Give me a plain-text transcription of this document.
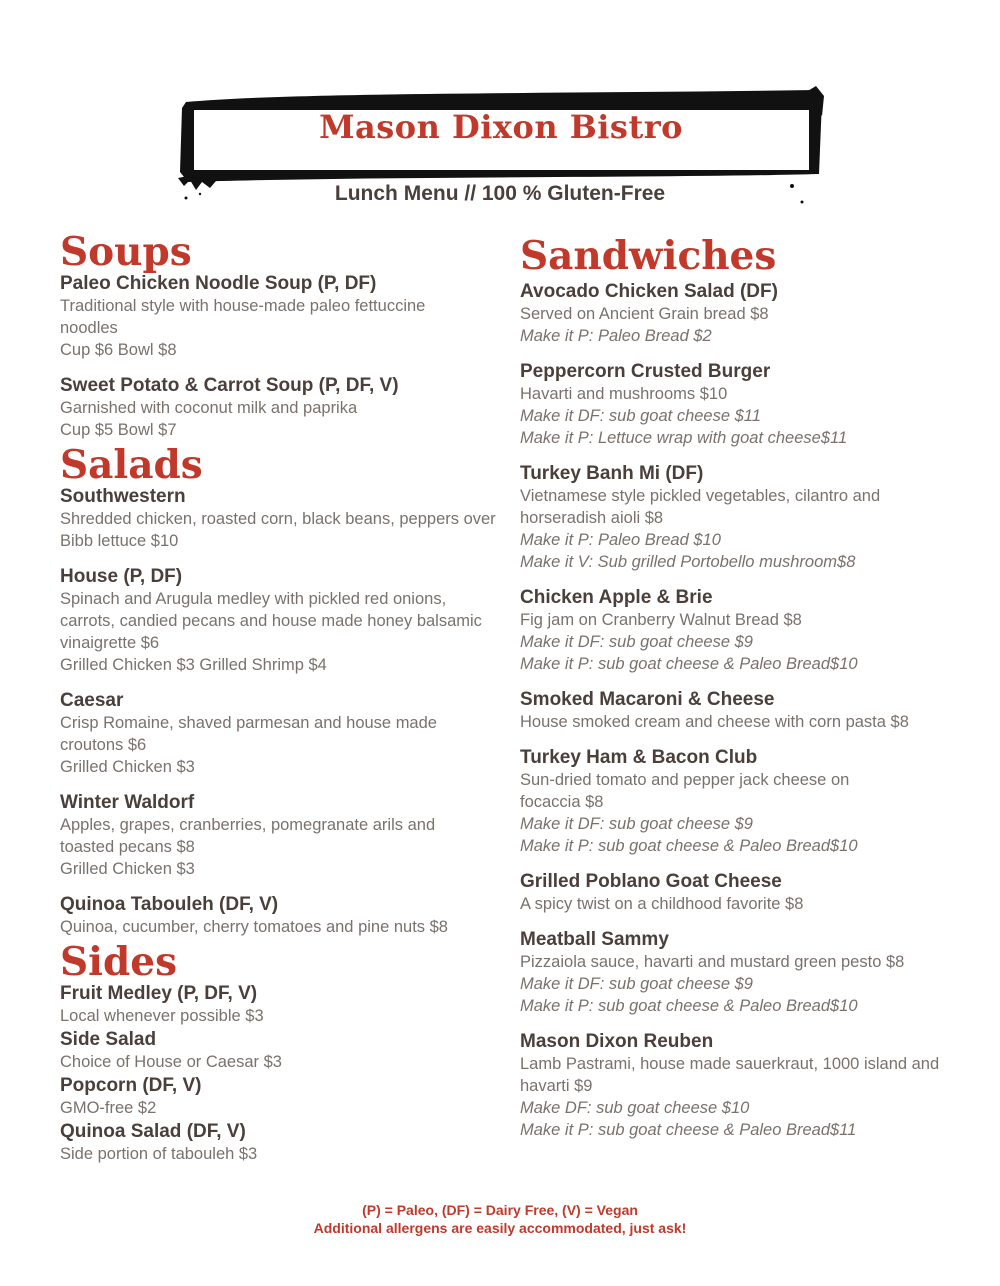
Mason Dixon Bistro
Lunch Menu // 100 % Gluten-Free
Soups
Paleo Chicken Noodle Soup (P, DF)
Traditional style with house-made paleo fettuccine
noodles
Cup $6 Bowl $8
Sweet Potato & Carrot Soup (P, DF, V)
Garnished with coconut milk and paprika
Cup $5 Bowl $7
Salads
Southwestern
Shredded chicken, roasted corn, black beans, peppers over
Bibb lettuce $10
House (P, DF)
Spinach and Arugula medley with pickled red onions,
carrots, candied pecans and house made honey balsamic
vinaigrette $6
Grilled Chicken $3 Grilled Shrimp $4
Caesar
Crisp Romaine, shaved parmesan and house made
croutons $6
Grilled Chicken $3
Winter Waldorf
Apples, grapes, cranberries, pomegranate arils and
toasted pecans $8
Grilled Chicken $3
Quinoa Tabouleh (DF, V)
Quinoa, cucumber, cherry tomatoes and pine nuts $8
Sides
Fruit Medley (P, DF, V)
Local whenever possible $3
Side Salad
Choice of House or Caesar $3
Popcorn (DF, V)
GMO-free $2
Quinoa Salad (DF, V)
Side portion of tabouleh $3
Sandwiches
Avocado Chicken Salad (DF)
Served on Ancient Grain bread $8
Make it P: Paleo Bread $2
Peppercorn Crusted Burger
Havarti and mushrooms $10
Make it DF: sub goat cheese $11
Make it P: Lettuce wrap with goat cheese$11
Turkey Banh Mi (DF)
Vietnamese style pickled vegetables, cilantro and
horseradish aioli $8
Make it P: Paleo Bread $10
Make it V: Sub grilled Portobello mushroom$8
Chicken Apple & Brie
Fig jam on Cranberry Walnut Bread $8
Make it DF: sub goat cheese $9
Make it P: sub goat cheese & Paleo Bread$10
Smoked Macaroni & Cheese
House smoked cream and cheese with corn pasta $8
Turkey Ham & Bacon Club
Sun-dried tomato and pepper jack cheese on
focaccia $8
Make it DF: sub goat cheese $9
Make it P: sub goat cheese & Paleo Bread$10
Grilled Poblano Goat Cheese
A spicy twist on a childhood favorite $8
Meatball Sammy
Pizzaiola sauce, havarti and mustard green pesto $8
Make it DF: sub goat cheese $9
Make it P: sub goat cheese & Paleo Bread$10
Mason Dixon Reuben
Lamb Pastrami, house made sauerkraut, 1000 island and
havarti $9
Make DF: sub goat cheese $10
Make it P: sub goat cheese & Paleo Bread$11
(P) = Paleo, (DF) = Dairy Free, (V) = Vegan
Additional allergens are easily accommodated, just ask!
